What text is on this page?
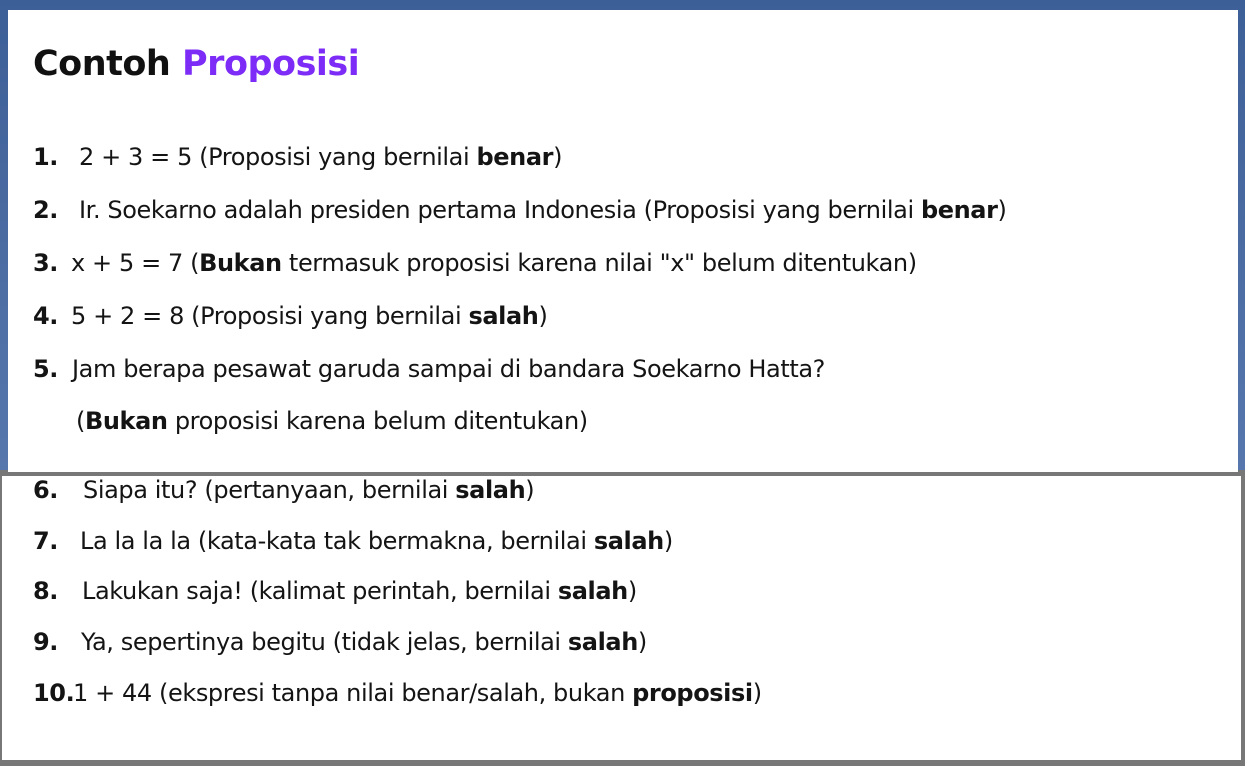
Contoh Proposisi
1. 2 + 3 = 5 (Proposisi yang bernilai benar)
2. Ir. Soekarno adalah presiden pertama Indonesia (Proposisi yang bernilai benar)
3. x + 5 = 7 (Bukan termasuk proposisi karena nilai "x" belum ditentukan)
4. 5 + 2 = 8 (Proposisi yang bernilai salah)
5. Jam berapa pesawat garuda sampai di bandara Soekarno Hatta?
(Bukan proposisi karena belum ditentukan)
6. Siapa itu? (pertanyaan, bernilai salah)
7. La la la la (kata-kata tak bermakna, bernilai salah)
8. Lakukan saja! (kalimat perintah, bernilai salah)
9. Ya, sepertinya begitu (tidak jelas, bernilai salah)
10.1 + 44 (ekspresi tanpa nilai benar/salah, bukan proposisi)
